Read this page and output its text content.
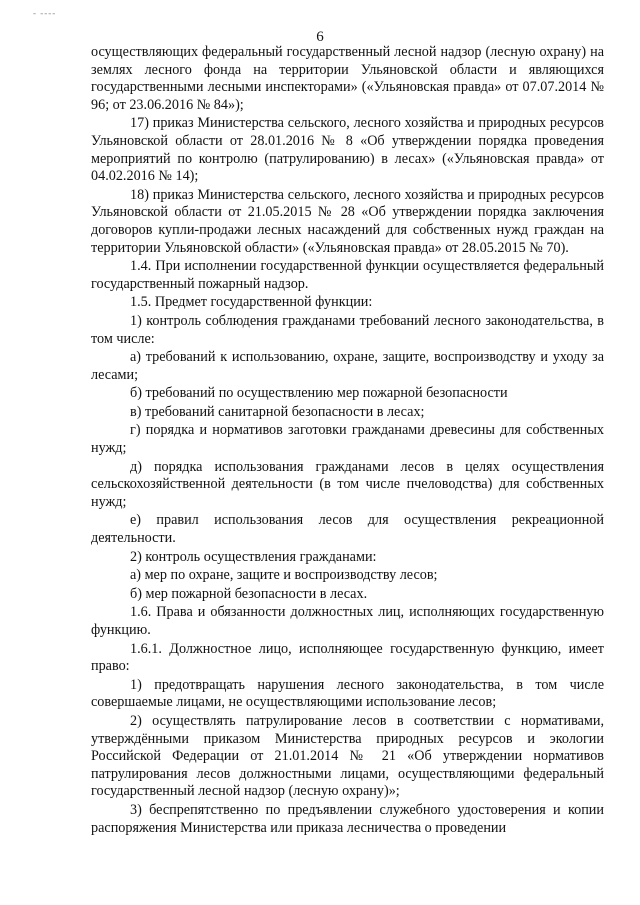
- ----
6

осуществляющих федеральный государственный лесной надзор (лесную охрану) на землях лесного фонда на территории Ульяновской области и являющихся государственными лесными инспекторами» («Ульяновская правда» от 07.07.2014 № 96; от 23.06.2016 № 84»);

17) приказ Министерства сельского, лесного хозяйства и природных ресурсов Ульяновской области от 28.01.2016 № 8 «Об утверждении порядка проведения мероприятий по контролю (патрулированию) в лесах» («Ульяновская правда» от 04.02.2016 № 14);

18) приказ Министерства сельского, лесного хозяйства и природных ресурсов Ульяновской области от 21.05.2015 № 28 «Об утверждении порядка заключения договоров купли-продажи лесных насаждений для собственных нужд граждан на территории Ульяновской области» («Ульяновская правда» от 28.05.2015 № 70).

1.4. При исполнении государственной функции осуществляется федеральный государственный пожарный надзор.

1.5. Предмет государственной функции:

1) контроль соблюдения гражданами требований лесного законодательства, в том числе:

а) требований к использованию, охране, защите, воспроизводству и уходу за лесами;

б) требований по осуществлению мер пожарной безопасности

в) требований санитарной безопасности в лесах;

г) порядка и нормативов заготовки гражданами древесины для собственных нужд;

д) порядка использования гражданами лесов в целях осуществления сельскохозяйственной деятельности (в том числе пчеловодства) для собственных нужд;

е) правил использования лесов для осуществления рекреационной деятельности.

2) контроль осуществления гражданами:

а) мер по охране, защите и воспроизводству лесов;

б) мер пожарной безопасности в лесах.

1.6. Права и обязанности должностных лиц, исполняющих государственную функцию.

1.6.1. Должностное лицо, исполняющее государственную функцию, имеет право:

1) предотвращать нарушения лесного законодательства, в том числе совершаемые лицами, не осуществляющими использование лесов;

2) осуществлять патрулирование лесов в соответствии с нормативами, утверждёнными приказом Министерства природных ресурсов и экологии Российской Федерации от 21.01.2014 № 21 «Об утверждении нормативов патрулирования лесов должностными лицами, осуществляющими федеральный государственный лесной надзор (лесную охрану)»;

3) беспрепятственно по предъявлении служебного удостоверения и копии распоряжения Министерства или приказа лесничества о проведении
